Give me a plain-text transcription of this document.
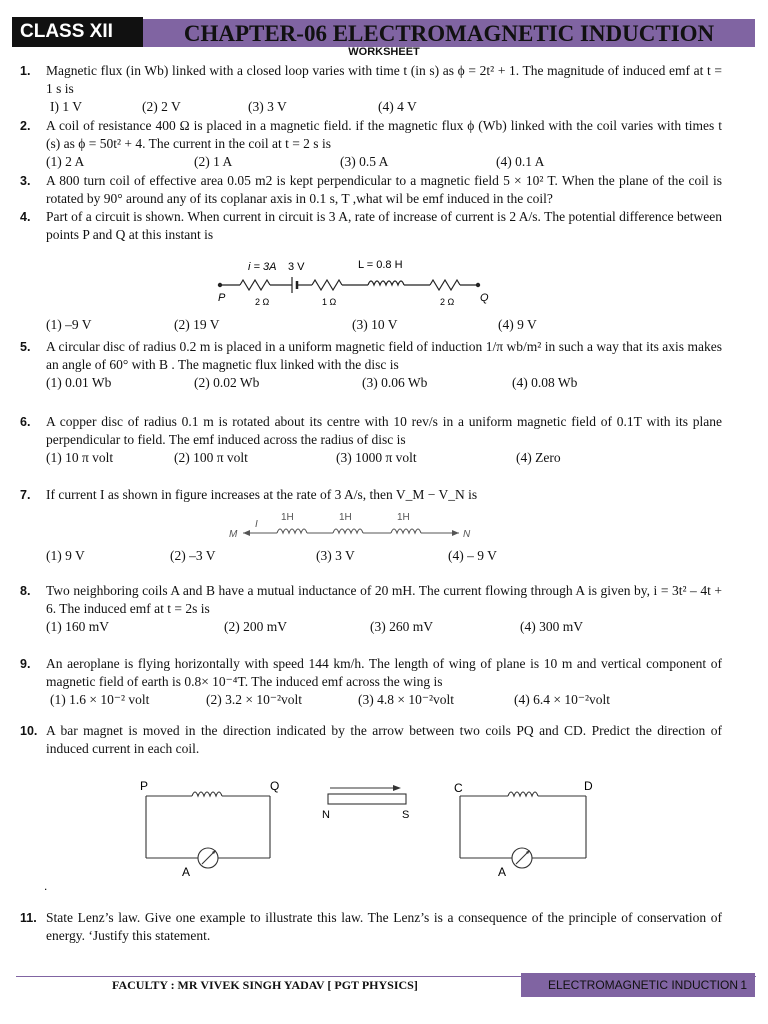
CLASS XII	CHAPTER-06 ELECTROMAGNETIC INDUCTION
WORKSHEET
1.	Magnetic flux (in Wb) linked with a closed loop varies with time t (in s) as ϕ = 2t² + 1. The magnitude of induced emf at t = 1 s is
I) 1 V	(2) 2 V	(3) 3 V	(4) 4 V
2.	A coil of resistance 400 Ω is placed in a magnetic field. if the magnetic flux ϕ (Wb) linked with the coil varies with times t (s) as ϕ = 50t² + 4. The current in the coil at t = 2 s is
(1) 2 A	(2) 1 A	(3) 0.5 A	(4) 0.1 A
3.	A 800 turn coil of effective area 0.05 m2 is kept perpendicular to a magnetic field 5 × 10² T. When the plane of the coil is rotated by 90° around any of its coplanar axis in 0.1 s, T ,what wil be emf induced in the coil?
4.	Part of a circuit is shown. When current in circuit is 3 A, rate of increase of current is 2 A/s. The potential difference between points P and Q at this instant is
i = 3A 3 V	L = 0.8 H
P	2 Ω	1 Ω	2 Ω Q
(1) –9 V	(2) 19 V	(3) 10 V	(4) 9 V
5.	A circular disc of radius 0.2 m is placed in a uniform magnetic field of induction 1/π wb/m² in such a way that its axis makes an angle of 60° with B . The magnetic flux linked with the disc is
(1) 0.01 Wb	(2) 0.02 Wb	(3) 0.06 Wb	(4) 0.08 Wb
6.	A copper disc of radius 0.1 m is rotated about its centre with 10 rev/s in a uniform magnetic field of 0.1T with its plane perpendicular to field. The emf induced across the radius of disc is
(1) 10 π volt	(2) 100 π volt	(3) 1000 π volt	(4) Zero
7.	If current I as shown in figure increases at the rate of 3 A/s, then V_M − V_N is
M
I
1H	1H	1H
N
(1) 9 V	(2) –3 V	(3) 3 V	(4) – 9 V
8.	Two neighboring coils A and B have a mutual inductance of 20 mH. The current flowing through A is given by, i = 3t² – 4t + 6. The induced emf at t = 2s is
(1) 160 mV	(2) 200 mV	(3) 260 mV	(4) 300 mV
9.	An aeroplane is flying horizontally with speed 144 km/h. The length of wing of plane is 10 m and vertical component of magnetic field of earth is 0.8× 10⁻⁴T. The induced emf across the wing is
(1) 1.6 × 10⁻² volt	(2) 3.2 × 10⁻²volt	(3) 4.8 × 10⁻²volt	(4) 6.4 × 10⁻²volt
10. A bar magnet is moved in the direction indicated by the arrow between two coils PQ and CD. Predict the direction of induced current in each coil.
P	Q
N	S
C	D
A	A
.
11. State Lenz’s law. Give one example to illustrate this law. The Lenz’s is a consequence of the principle of conservation of energy. ‘Justify this statement.
FACULTY : MR VIVEK SINGH YADAV [ PGT PHYSICS]	ELECTROMAGNETIC INDUCTION 1
